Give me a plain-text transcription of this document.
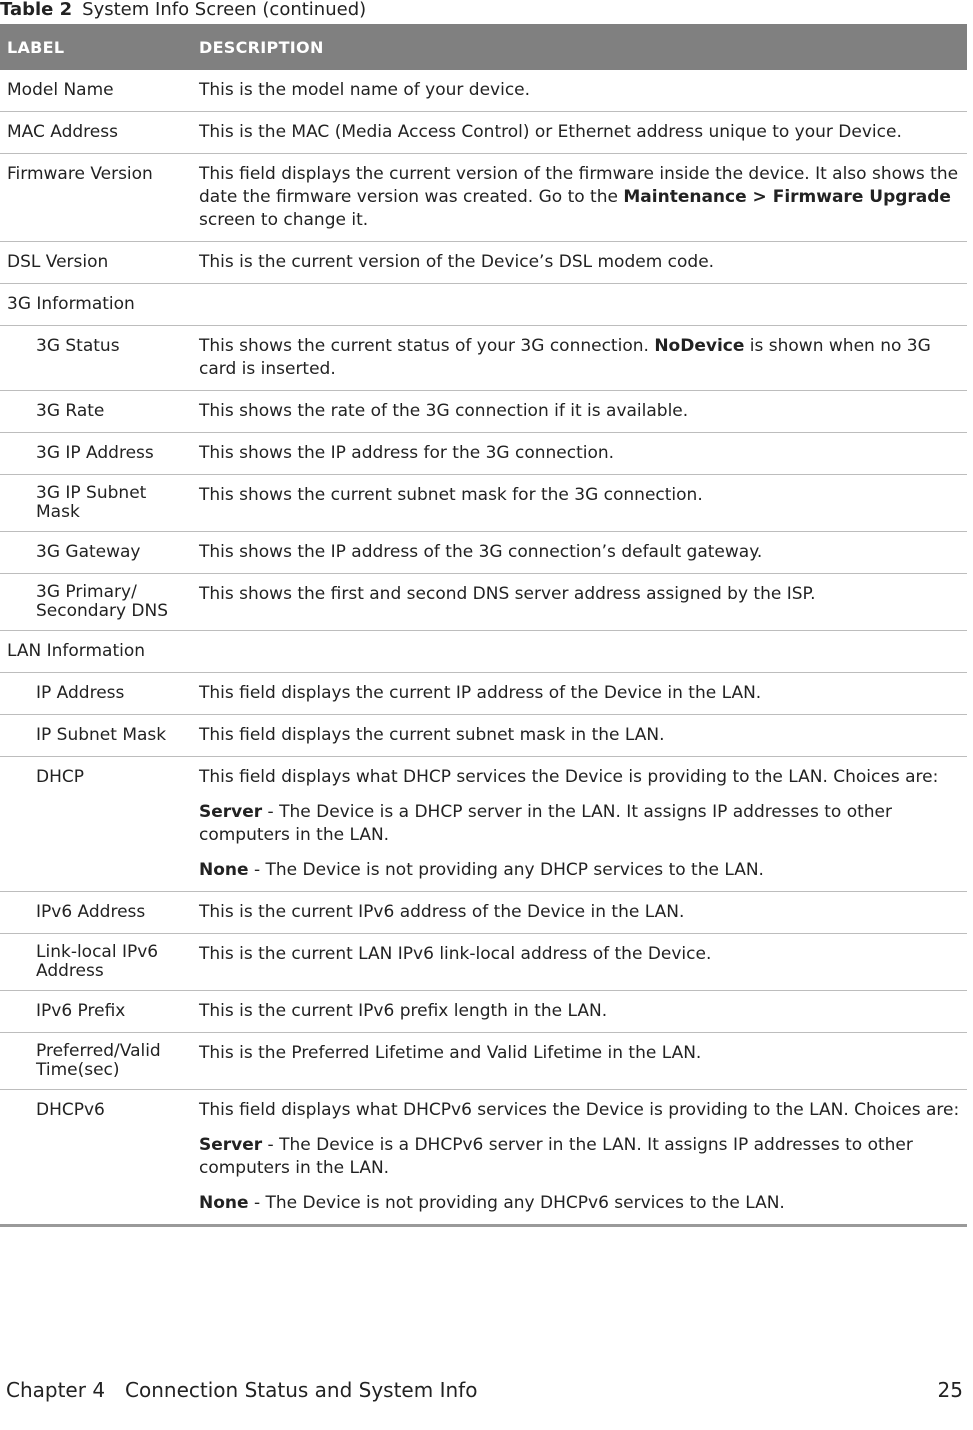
Table 2 System Info Screen (continued)
LABEL	DESCRIPTION
Model Name	This is the model name of your device.
MAC Address	This is the MAC (Media Access Control) or Ethernet address unique to your Device.
Firmware Version	This field displays the current version of the firmware inside the device. It also shows the date the firmware version was created. Go to the Maintenance > Firmware Upgrade screen to change it.
DSL Version	This is the current version of the Device’s DSL modem code.
3G Information	
3G Status	This shows the current status of your 3G connection. NoDevice is shown when no 3G card is inserted.
3G Rate	This shows the rate of the 3G connection if it is available.
3G IP Address	This shows the IP address for the 3G connection.
3G IP Subnet Mask	This shows the current subnet mask for the 3G connection.
3G Gateway	This shows the IP address of the 3G connection’s default gateway.
3G Primary/ Secondary DNS	This shows the first and second DNS server address assigned by the ISP.
LAN Information	
IP Address	This field displays the current IP address of the Device in the LAN.
IP Subnet Mask	This field displays the current subnet mask in the LAN.
DHCP	This field displays what DHCP services the Device is providing to the LAN. Choices are:

Server - The Device is a DHCP server in the LAN. It assigns IP addresses to other computers in the LAN.

None - The Device is not providing any DHCP services to the LAN.

IPv6 Address	This is the current IPv6 address of the Device in the LAN.
Link-local IPv6 Address	This is the current LAN IPv6 link-local address of the Device.
IPv6 Prefix	This is the current IPv6 prefix length in the LAN.
Preferred/Valid Time(sec)	This is the Preferred Lifetime and Valid Lifetime in the LAN.
DHCPv6	This field displays what DHCPv6 services the Device is providing to the LAN. Choices are:

Server - The Device is a DHCPv6 server in the LAN. It assigns IP addresses to other computers in the LAN.

None - The Device is not providing any DHCPv6 services to the LAN.

Chapter 4 Connection Status and System Info	25
